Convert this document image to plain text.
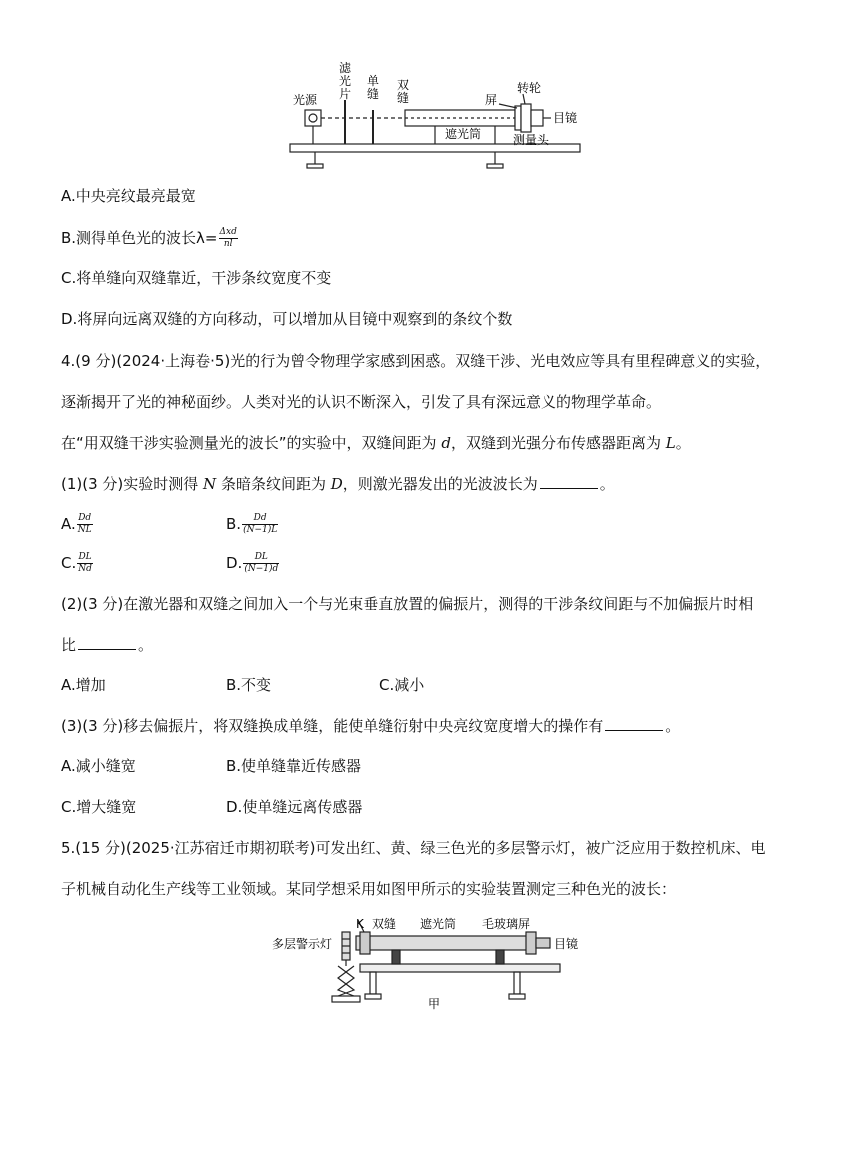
光源
滤
光
片
单
缝
双
缝	屏
转轮
目镜
遮光筒	测量头
A.中央亮纹最亮最宽
B.测得单色光的波长$\lambda= \frac{\text{Δxd}}{nl}$
C.将单缝向双缝靠近，干涉条纹宽度不变
D.将屏向远离双缝的方向移动，可以增加从目镜中观察到的条纹个数
4.(9 分)(2024·上海卷·5)光的行为曾令物理学家感到困惑。双缝干涉、光电效应等具有里程碑意义的实验，
逐渐揭开了光的神秘面纱。人类对光的认识不断深入，引发了具有深远意义的物理学革命。
在“用双缝干涉实验测量光的波长”的实验中，双缝间距为 d，双缝到光强分布传感器距离为 L。
(1)(3 分)实验时测得 N 条暗条纹间距为 D，则激光器发出的光波波长为	。
A. $\frac{Dd}{NL}$	B. $\frac{Dd}{(N-1)L}$
C. $\frac{DL}{Nd}$	D. $\frac{DL}{(N-1)d}$
(2)(3 分)在激光器和双缝之间加入一个与光束垂直放置的偏振片，测得的干涉条纹间距与不加偏振片时相
比	。
A.增加	B.不变	C.减小
(3)(3 分)移去偏振片，将双缝换成单缝，能使单缝衍射中央亮纹宽度增大的操作有	。
A.减小缝宽	B.使单缝靠近传感器
C.增大缝宽	D.使单缝远离传感器
5.(15 分)(2025·江苏宿迁市期初联考)可发出红、黄、绿三色光的多层警示灯，被广泛应用于数控机床、电
子机械自动化生产线等工业领域。某同学想采用如图甲所示的实验装置测定三种色光的波长：
多层警示灯
K 双缝 遮光筒 毛玻璃屏
目镜
甲
